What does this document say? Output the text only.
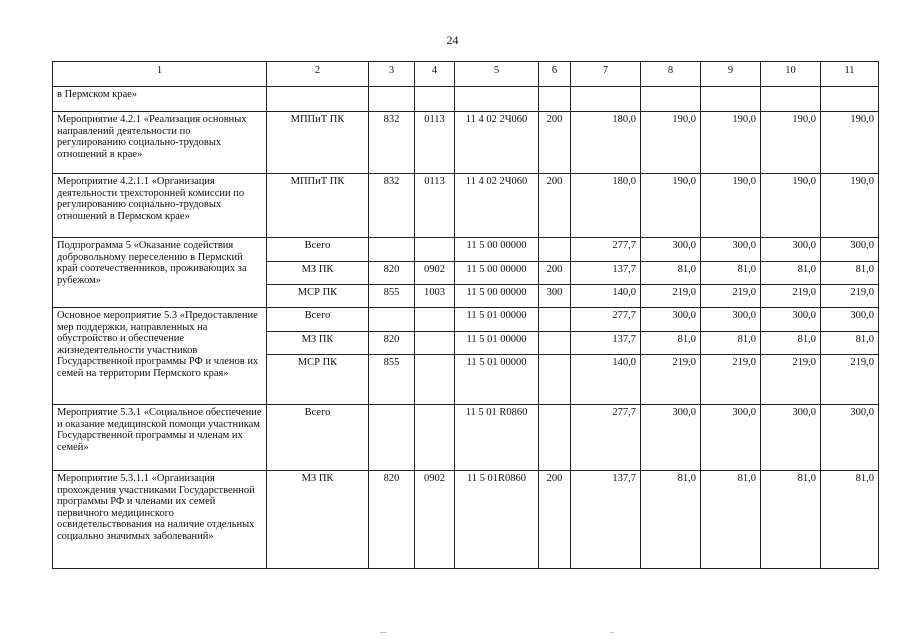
24
1	2	3	4	5	6	7	8	9	10	11
в Пермском крае»										
Мероприятие 4.2.1 «Реализация основных направлений деятельности по регулированию социально-трудовых отношений в крае»	МППиТ ПК	832	0113	11 4 02 2Ч060	200	180,0	190,0	190,0	190,0	190,0
Мероприятие 4.2.1.1 «Организация деятельности трехсторонней комиссии по регулированию социально-трудовых отношений в Пермском крае»	МППиТ ПК	832	0113	11 4 02 2Ч060	200	180,0	190,0	190,0	190,0	190,0
Подпрограмма 5 «Оказание содействия добровольному переселению в Пермский край соотечественников, проживающих за рубежом»	Всего			11 5 00 00000		277,7	300,0	300,0	300,0	300,0
	МЗ ПК	820	0902	11 5 00 00000	200	137,7	81,0	81,0	81,0	81,0
	МСР ПК	855	1003	11 5 00 00000	300	140,0	219,0	219,0	219,0	219,0
Основное мероприятие 5.3 «Предоставление мер поддержки, направленных на обустройство и обеспечение жизнедеятельности участников Государственной программы РФ и членов их семей на территории Пермского края»	Всего			11 5 01 00000		277,7	300,0	300,0	300,0	300,0
	МЗ ПК	820		11 5 01 00000		137,7	81,0	81,0	81,0	81,0
	МСР ПК	855		11 5 01 00000		140,0	219,0	219,0	219,0	219,0
Мероприятие 5.3.1 «Социальное обеспечение и оказание медицинской помощи участникам Государственной программы и членам их семей»	Всего			11 5 01 R0860		277,7	300,0	300,0	300,0	300,0
Мероприятие 5.3.1.1 «Организация прохождения участниками Государственной программы РФ и членами их семей первичного медицинского освидетельствования на наличие отдельных социально значимых заболеваний»	МЗ ПК	820	0902	11 5 01R0860	200	137,7	81,0	81,0	81,0	81,0
